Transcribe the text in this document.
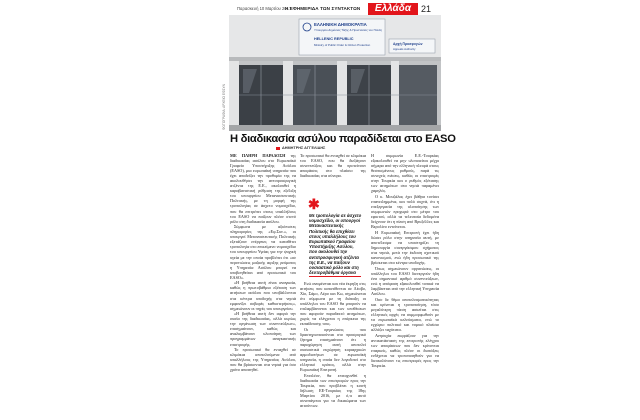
Παρασκευή 10 Μαρτίου 2017
Η ΕΦΗΜΕΡΙΔΑ ΤΩΝ ΣΥΝΤΑΚΤΩΝ	Ελλάδα	21
ΦΩΤΟΓΡΑΦΙΑ: ΑΡΧΕΙΟ ΕΦΣΥΝ
ΕΛΛΗΝΙΚΗ ΔΗΜΟΚΡΑΤΙΑ
Υπουργείο Δημόσιας Τάξης & Προστασίας του Πολίτη
HELLENIC REPUBLIC
Ministry of Public Order & Citizen Protection	Αρχή Προσφυγών
Appeals Authority
Η διαδικασία ασύλου παραδίδεται στο EASO
ΔΗΜΗΤΡΗΣ ΑΓΓΕΛΙΔΗΣ

ΜΕ ΠΛΗΡΗ ΠΑΡΑΔΟΣΗ της διαδικασίας ασύλου στο Ευρωπαϊκό Γραφείο Υποστήριξης Ασύλου (EASO), μια ευρωπαϊκή υπηρεσία που έχει αποδείξει την προθυμία της να ακολουθήσει την αντιπροσφυγική ατζέντα της Ε.Ε., ακολουθεί η καραβανιστική ρύθμιση της εξέλιξη του υπουργείου Μεταναστευτικής Πολιτικής, με τη μορφή της τροπολογίας σε άσχετο νομοσχέδιο, που θα επιτρέπει στους υπαλλήλους του EASO να παίζουν πλέον στενό ρόλο στη διαδικασία ασύλου.

Σύμφωνα με αξιόπιστες πληροφορίες της «Εφ.Συν.», οι υπουργοί Μεταναστευτικής Πολιτικής εξετάζουν ενέργειες να καταθέτει τροπολογία στο επικείμενο νομοσχέδιο του υπουργείου Υγείας για την ψυχική υγεία με την οποία προβλέπει ότι «σε περιπτώσεις μαζικής αφιξης ρεύματος η Υπηρεσία Ασύλου μπορεί να υποβοηθείται από προσωπικό του EASO».

«Η βοήθεια αυτή είναι αναγκαία, καθώς η πρωτοβάθμια εξέταση των αιτήσεων ασύλου που υποβάλλονται στα κέντρα υποδοχής στα νησιά εμφανίζει σοβαρές καθυστερήσεις», σημειώνουν οι πηγές του υπουργείου.

«Η βοήθεια αυτή δεν αφορά την ουσία της διαδικασίας, αλλά κυρίως την οργάνωση των συνεντεύξεων», επισημαίνουν, καθώς και αναλαμβάνουν υλοποίηση των προγραμμάτων αναγκαστικής επιστροφής.

Το προσωπικό θα ενταχθεί σε κλιμάκια αποτελούμενα από υπαλλήλους της Υπηρεσίας Ασύλου, που θα βρίσκονται στα νησιά για όσο χρόνο απαιτηθεί.

Το προσωπικό θα ενταχθεί σε κλιμάκια του EASO, που θα διεξάγουν συνεντεύξεις και θα προτείνουν αποφάσεις στο πλαίσιο της διαδικασίας στα σύνορα.

✱
Με τροπολογία σε άσχετο νομοσχέδιο, οι υπουργοί Μεταναστευτικής Πολιτικής θα επιχθίσει στους υπαλλήλους του Ευρωπαϊκού Γραφείου Υποστήριξης Ασύλου, που ακολουθεί την αντιπροσφυγική ατζέντα της Ε.Ε., να παίξουν ουσιαστικό ρόλο και στη δευτεροβάθμια όργανα

Ενώ αναμένεται και νέα έκρηξη στις αιτήσεις που κατατίθενται σε Λέσβο, Χίο, Σάμο, Λέρο και Κω, σημειώνεται ότι σύμφωνα με τη διάταξη οι υπάλληλοι του EASO θα μπορούν να επιλαμβάνονται και των υποθέσεων που αφορούν παραδεκτό αιτημάτων, χωρίς να ελέγχεται η επάρκεια της εκπαίδευσης τους.

Οι οργανώσεις που δραστηριοποιούνται στο προσφυγικό ζήτημα επισημαίνουν ότι η παραχώρηση αυτή αποτελεί ουσιαστικά εκχώρηση κυριαρχικών αρμοδιοτήτων σε ευρωπαϊκή υπηρεσία, η οποία δεν λογοδοτεί στο ελληνικό κράτος, αλλά στην Ευρωπαϊκή Επιτροπή.

Επιπλέον, θα επιταχυνθεί η διαδικασία των επιστροφών προς την Τουρκία, που προβλέπει η κοινή δήλωση ΕΕ-Τουρκίας της 18ης Μαρτίου 2016, με ό,τι αυτό συνεπάγεται για τα δικαιώματα των αιτούντων.

Η συμφωνία Ε.Ε.-Τουρκίας εξακολουθεί να μην υλοποιείται μέχρι σήμερα από την ελληνική πλευρά στους θεσπισμένους ρυθμούς, παρά τις συνεχείς πιέσεις, καθώς οι επιστροφές στην Τουρκία και ο ρυθμός εξέτασης των αιτημάτων στα νησιά παραμένει χαμηλός.

Ο κ. Μουζάλας έχει βάθρα τονίσει επανειλημμένα, και πολύ συχνά, ότι η επεξεργασία της υλοποίησης των συμφωνιών προχωρά στο μέτρο του εφικτού, αλλά τα τελευταία δεδομένα δείχνουν ότι η πίεση από Βρυξέλλες και Βερολίνο εντείνεται.

Η Ευρωπαϊκή Επιτροπή έχει ήδη δώσει ρόλο στην υπηρεσία αυτή, με αποτέλεσμα να υποστηρίζει τη δημιουργία συνεργάσιμου σχήματος στα νησιά, μετά την έκδοση σχετικού κανονισμού, ενώ ήδη προσωπικό της βρίσκεται στα κέντρα υποδοχής.

Όπως σημειώνουν οργανώσεις, οι υπάλληλοι του EASO διενεργούν ήδη ένα σημαντικό αριθμό συνεντεύξεων, ενώ η απόφαση εξακολουθεί τυπικά να λαμβάνεται από την ελληνική Υπηρεσία Ασύλου.

Οσο δε θέμα αποτελεσματικότητας και κρίνεται η τροποποίηση, τόσο μεγαλύτερη πίεση ασκείται στις ελληνικές αρχές να συμμορφωθούν με τα ευρωπαϊκά κελεύσματα, ενώ το εγχώριο πολιτικό και νομικό πλαίσιο αλλάζει ταχύτατα.

Ανησυχία εκφράζουν για την αντικατάσταση της επιτροπής ελέγχου των αποφάσεων που δεν κρίνονται επαρκείς, καθώς πλέον οι διατάξεις ενδέχεται να τροποποιηθούν για να διευκολύνουν τις επιστροφές προς την Τουρκία.
